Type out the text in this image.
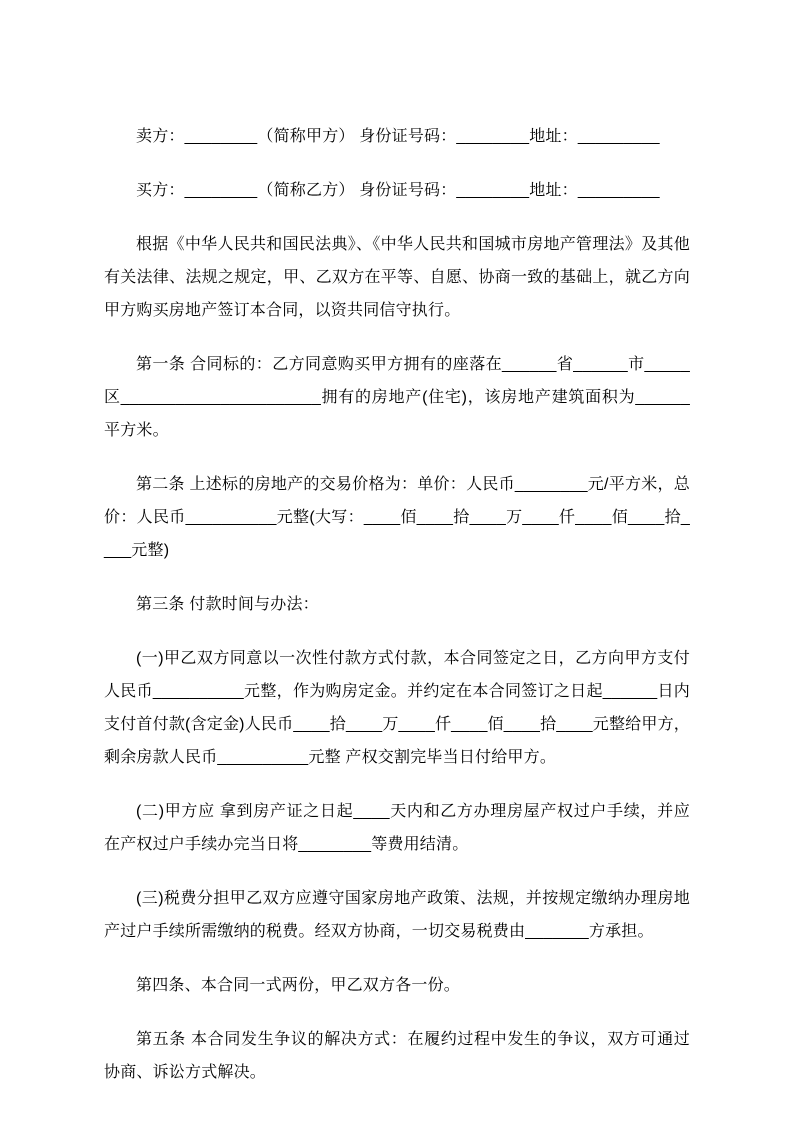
卖方：________（简称甲方） 身份证号码：________地址：_________

买方：________（简称乙方） 身份证号码：________地址：_________

根据《中华人民共和国民法典》、《中华人民共和国城市房地产管理法》及其他有关法律、法规之规定，甲、乙双方在平等、自愿、协商一致的基础上，就乙方向甲方购买房地产签订本合同，以资共同信守执行。

第一条 合同标的：乙方同意购买甲方拥有的座落在______省______市_____区______________________拥有的房地产(住宅)，该房地产建筑面积为______平方米。

第二条 上述标的房地产的交易价格为：单价：人民币________元/平方米，总价：人民币__________元整(大写：____佰____拾____万____仟____佰____拾____元整)

第三条 付款时间与办法：

(一)甲乙双方同意以一次性付款方式付款，本合同签定之日，乙方向甲方支付人民币__________元整，作为购房定金。并约定在本合同签订之日起______日内支付首付款(含定金)人民币____拾____万____仟____佰____拾____元整给甲方，剩余房款人民币__________元整 产权交割完毕当日付给甲方。

(二)甲方应 拿到房产证之日起____天内和乙方办理房屋产权过户手续，并应在产权过户手续办完当日将________等费用结清。

(三)税费分担甲乙双方应遵守国家房地产政策、法规，并按规定缴纳办理房地产过户手续所需缴纳的税费。经双方协商，一切交易税费由_______方承担。

第四条、本合同一式两份，甲乙双方各一份。

第五条 本合同发生争议的解决方式：在履约过程中发生的争议，双方可通过协商、诉讼方式解决。
